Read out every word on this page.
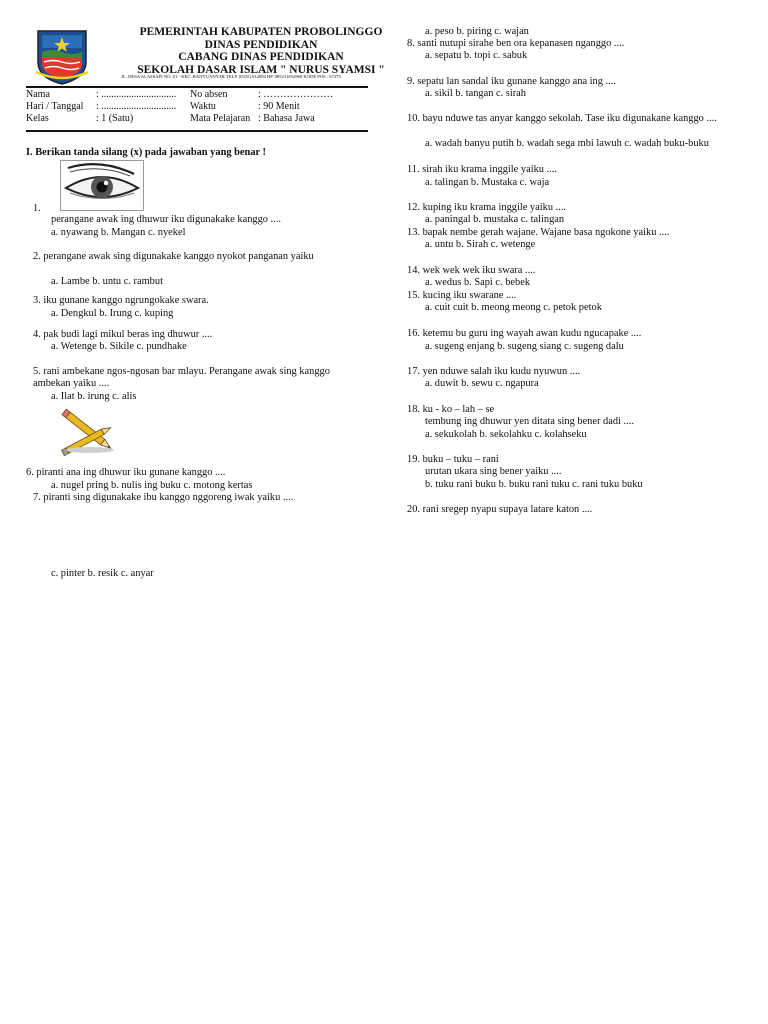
PEMERINTAH KABUPATEN PROBOLINGGO
DINAS PENDIDIKAN
CABANG DINAS PENDIDIKAN
SEKOLAH DASAR ISLAM " NURUS SYAMSI "
JL. DESA ALASSAPI NO. 01 - KEC. BANYUANYAR TELP. (0335) 612884 HP. 085231652868 KODE POS : 67275
Nama	: .............................. No absen	: …………………
Hari / Tanggal : .............................. Waktu	: 90 Menit
Kelas	: 1 (Satu)	Mata Pelajaran : Bahasa Jawa
I. Berikan tanda silang (x) pada jawaban yang benar !
1.
perangane awak ing dhuwur iku digunakake kanggo ....
a. nyawang b. Mangan c. nyekel
2. perangane awak sing digunakake kanggo nyokot panganan yaiku
a. Lambe b. untu c. rambut
3. iku gunane kanggo ngrungokake swara.
a. Dengkul b. Irung c. kuping
4. pak budi lagi mikul beras ing dhuwur ....
a. Wetenge b. Sikile c. pundhake
5. rani ambekane ngos-ngosan bar mlayu. Perangane awak sing kanggo ambekan yaiku ....
a. Ilat b. irung c. alis
6. piranti ana ing dhuwur iku gunane kanggo ....
a. nugel pring b. nulis ing buku c. motong kertas
7. piranti sing digunakake ibu kanggo nggoreng iwak yaiku ....
c. pinter b. resik c. anyar
a. peso b. piring c. wajan
8. santi nutupi sirahe ben ora kepanasen nganggo ....
a. sepatu b. topi c. sabuk
9. sepatu lan sandal iku gunane kanggo ana ing ....
a. sikil b. tangan c. sirah
10. bayu nduwe tas anyar kanggo sekolah. Tase iku digunakane kanggo ....
a. wadah banyu putih b. wadah sega mbi lawuh c. wadah buku-buku
11. sirah iku krama inggile yaiku ....
a. talingan b. Mustaka c. waja
12. kuping iku krama inggile yaiku ....
a. paningal b. mustaka c. talingan
13. bapak nembe gerah wajane. Wajane basa ngokone yaiku ....
a. untu b. Sirah c. wetenge
14. wek wek wek iku swara ....
a. wedus b. Sapi c. bebek
15. kucing iku swarane ....
a. cuit cuit b. meong meong c. petok petok
16. ketemu bu guru ing wayah awan kudu ngucapake ....
a. sugeng enjang b. sugeng siang c. sugeng dalu
17. yen nduwe salah iku kudu nyuwun ....
a. duwit b. sewu c. ngapura
18. ku - ko – lah – se
tembung ing dhuwur yen ditata sing bener dadi ....
a. sekukolah b. sekolahku c. kolahseku
19. buku – tuku – rani
urutan ukara sing bener yaiku ....
b. tuku rani buku b. buku rani tuku c. rani tuku buku
20. rani sregep nyapu supaya latare katon ....
